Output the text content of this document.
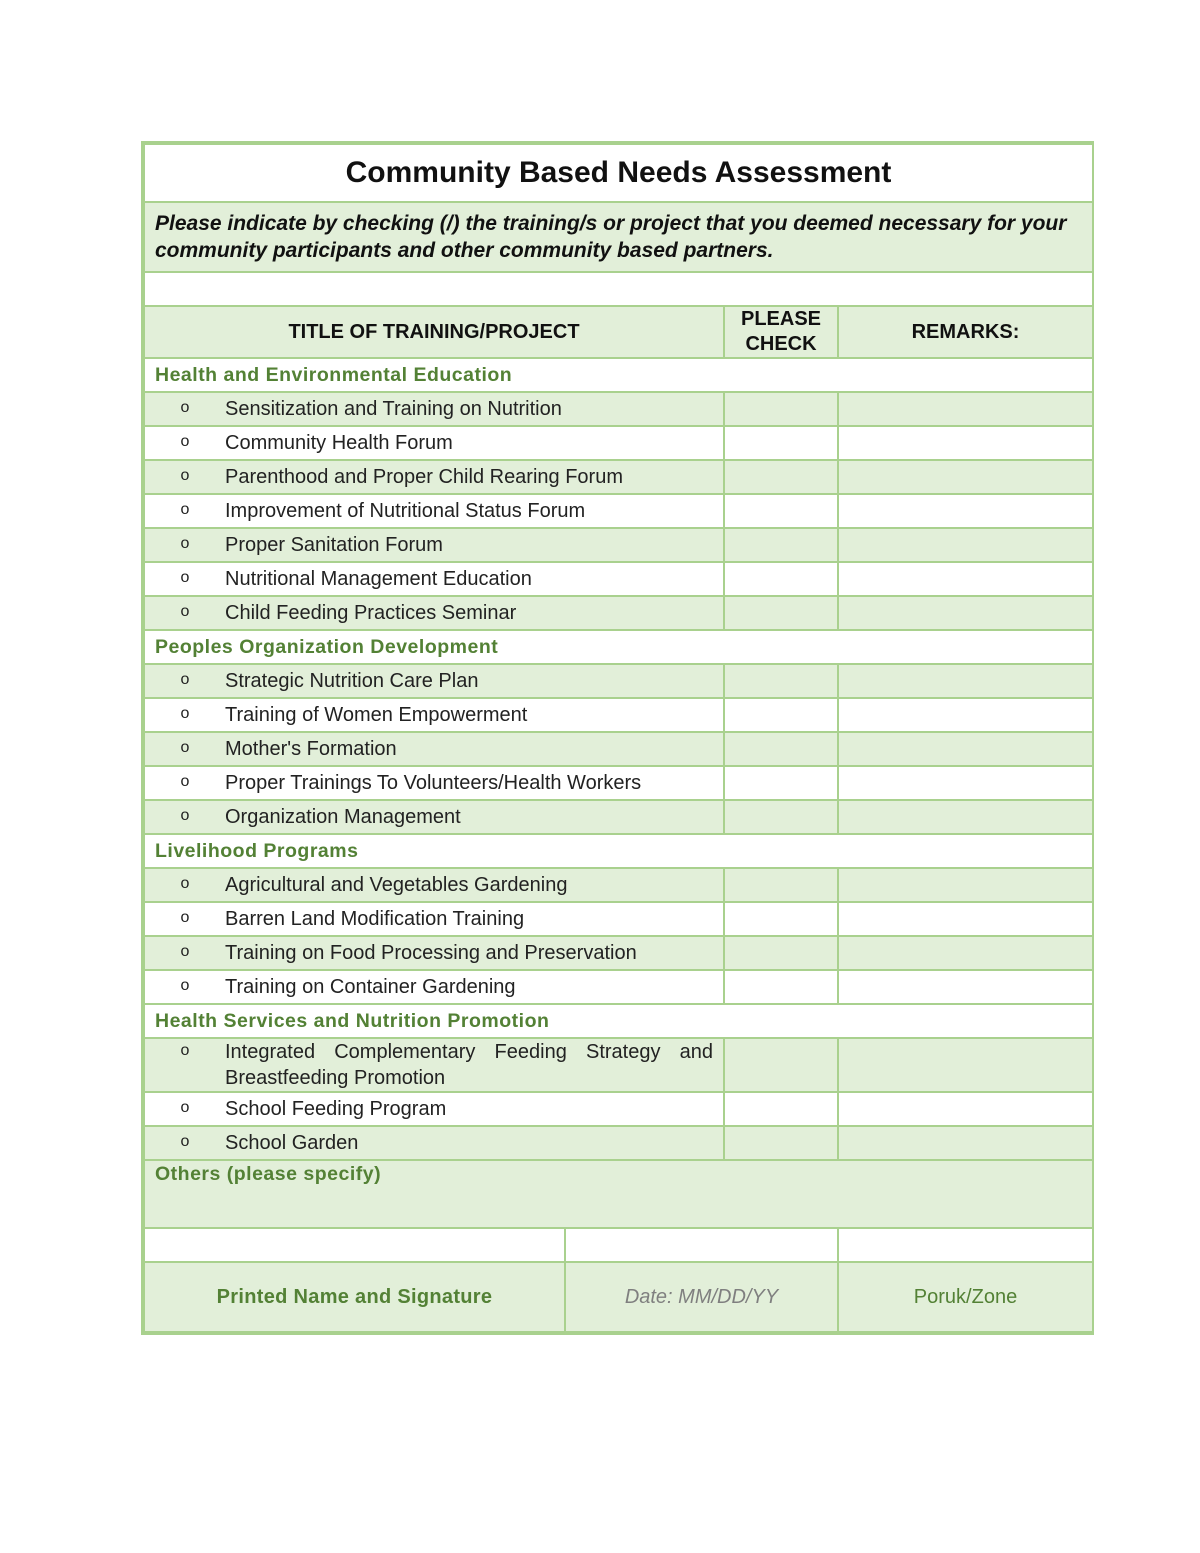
Community Based Needs Assessment			
Please indicate by checking (/) the training/s or project that you deemed necessary for your community participants and other community based partners.			

TITLE OF TRAINING/PROJECT		PLEASE CHECK	REMARKS:
Health and Environmental Education			

o Sensitization and Training on Nutrition			

o Community Health Forum			

o Parenthood and Proper Child Rearing Forum			

o Improvement of Nutritional Status Forum			

o Proper Sanitation Forum			

o Nutritional Management Education			

o Child Feeding Practices Seminar			

Peoples Organization Development			

o Strategic Nutrition Care Plan			

o Training of Women Empowerment			

o Mother's Formation			

o Proper Trainings To Volunteers/Health Workers			

o Organization Management			

Livelihood Programs			

o Agricultural and Vegetables Gardening			

o Barren Land Modification Training			

o Training on Food Processing and Preservation			

o Training on Container Gardening			

Health Services and Nutrition Promotion			

o Integrated Complementary Feeding Strategy and Breastfeeding Promotion			

o School Feeding Program			

o School Garden			

Others (please specify)			

Printed Name and Signature	Date: MM/DD/YY		Poruk/Zone
